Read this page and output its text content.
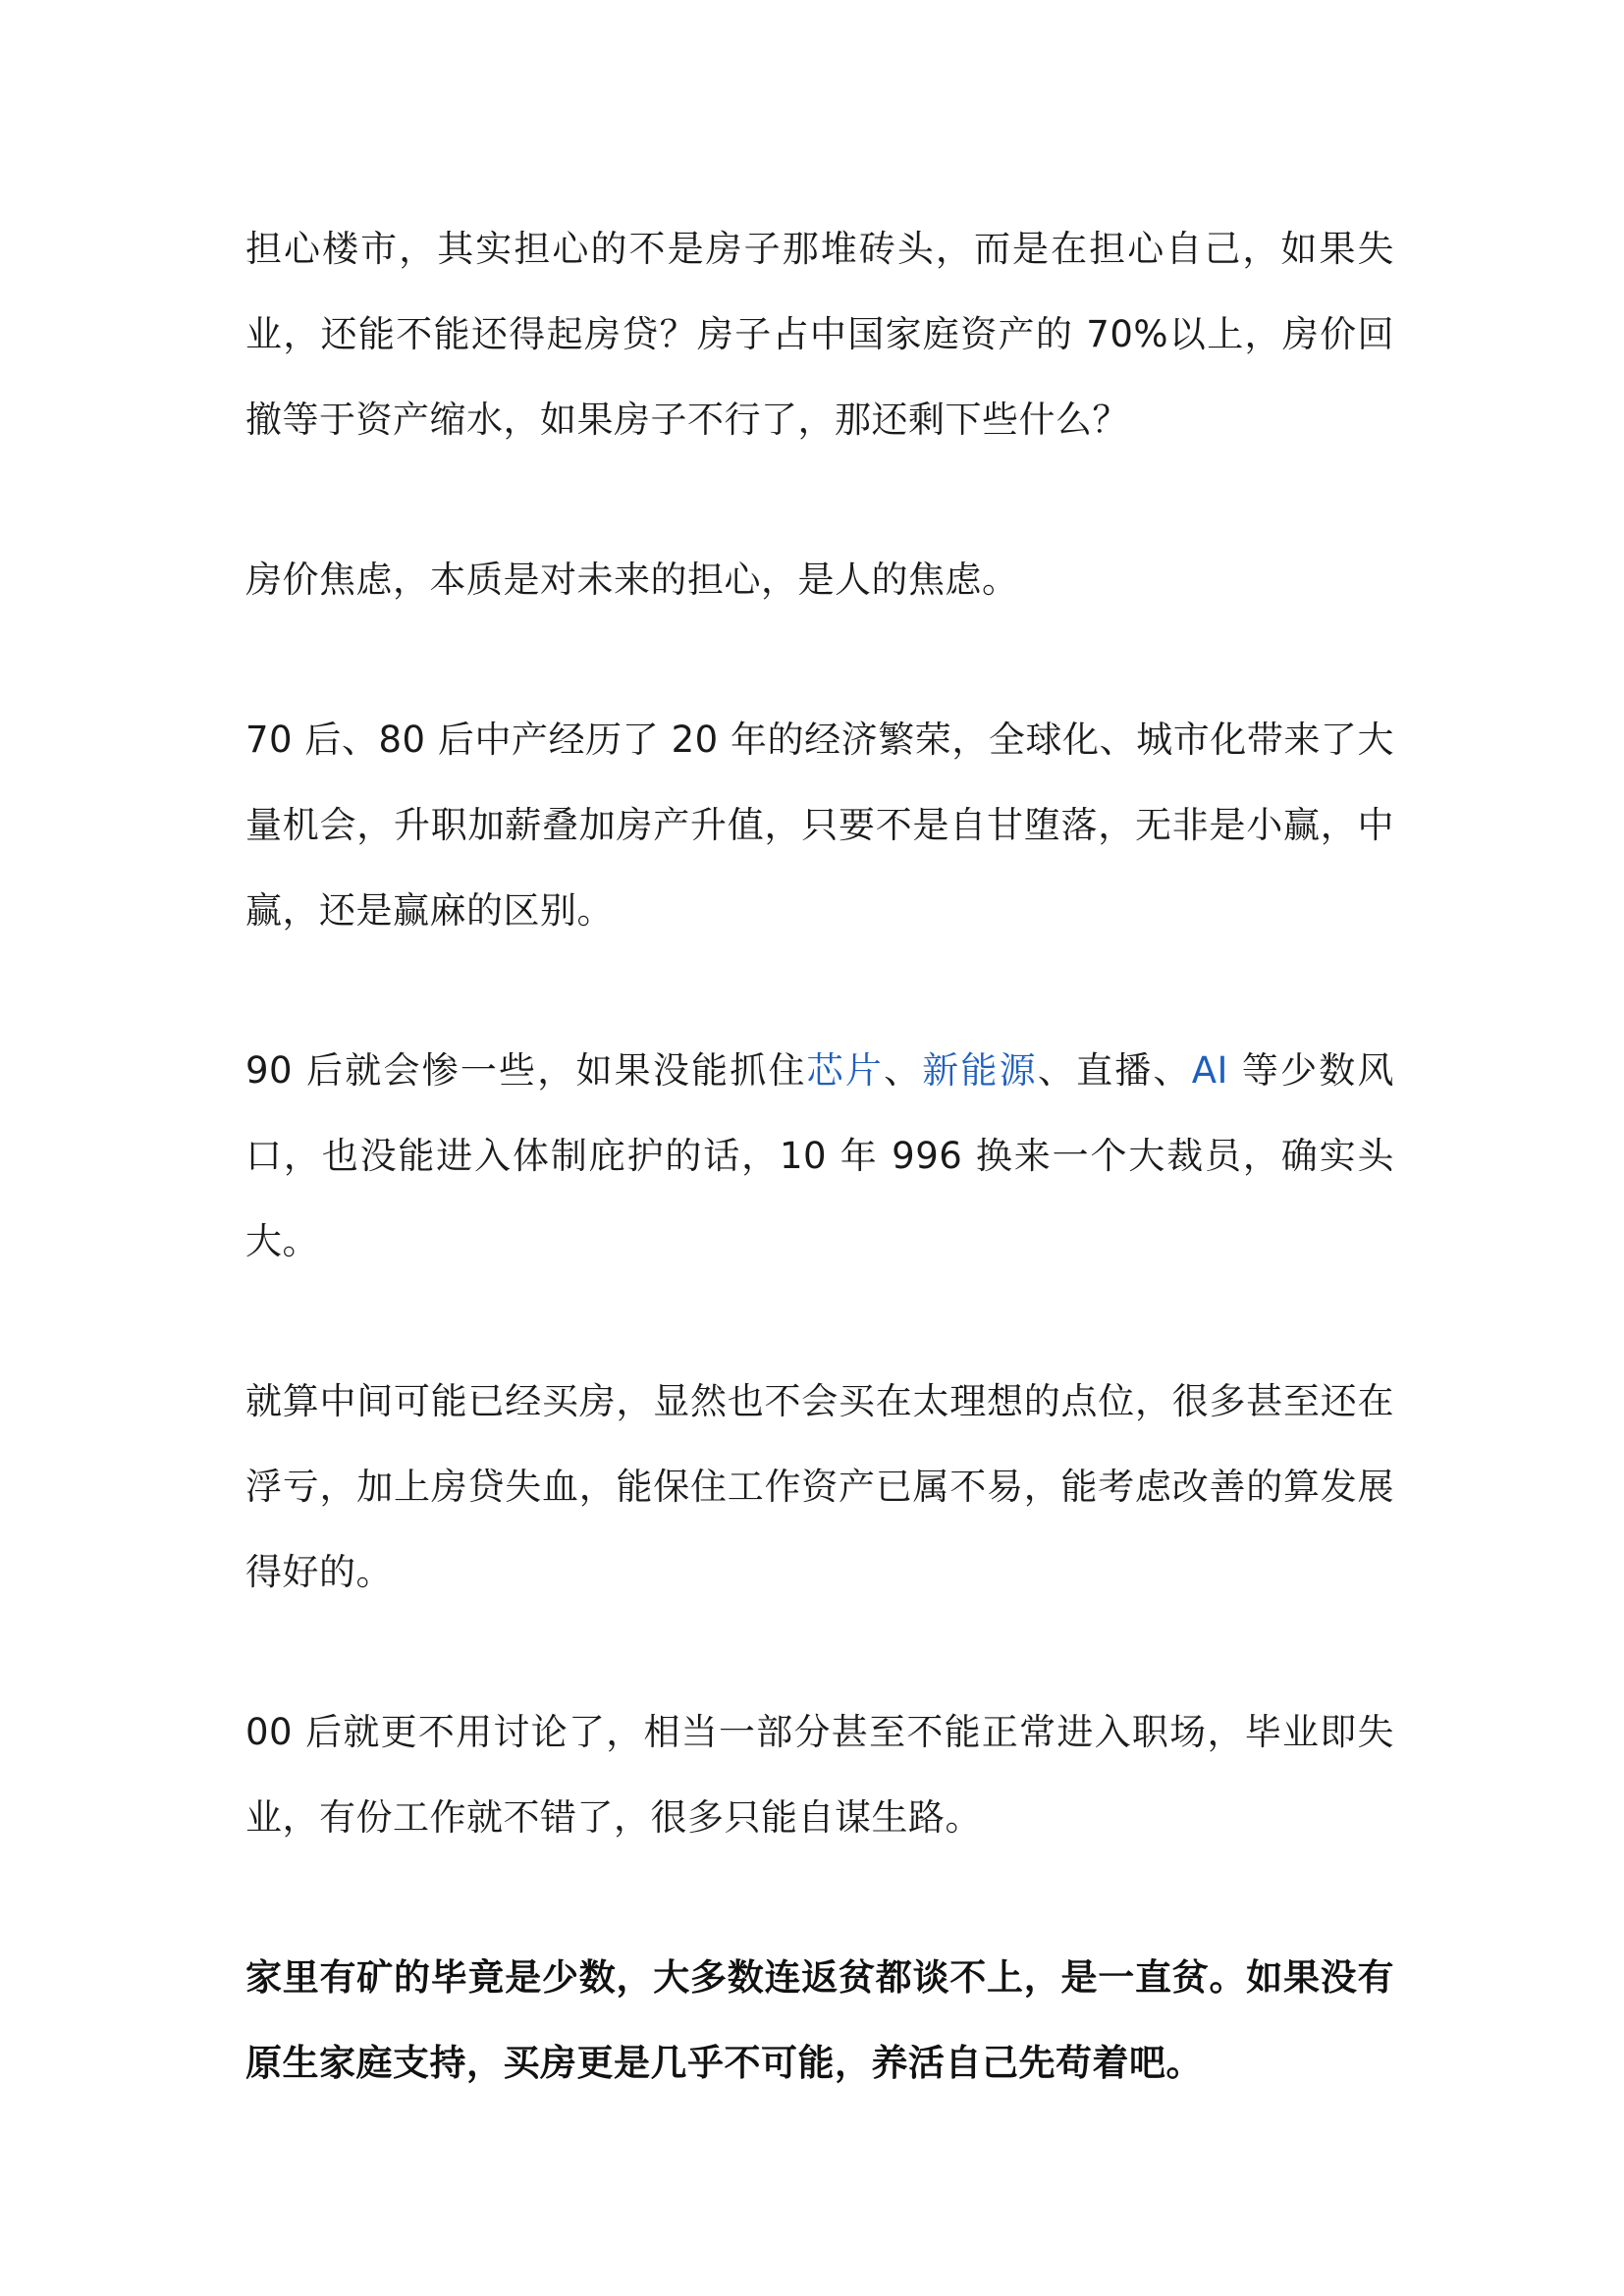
担心楼市，其实担心的不是房子那堆砖头，而是在担心自己，如果失业，还能不能还得起房贷？房子占中国家庭资产的 70%以上，房价回撤等于资产缩水，如果房子不行了，那还剩下些什么？

房价焦虑，本质是对未来的担心，是人的焦虑。

70 后、80 后中产经历了 20 年的经济繁荣，全球化、城市化带来了大量机会，升职加薪叠加房产升值，只要不是自甘堕落，无非是小赢，中赢，还是赢麻的区别。

90 后就会惨一些，如果没能抓住芯片、新能源、直播、AI 等少数风口，也没能进入体制庇护的话，10 年 996 换来一个大裁员，确实头大。

就算中间可能已经买房，显然也不会买在太理想的点位，很多甚至还在浮亏，加上房贷失血，能保住工作资产已属不易，能考虑改善的算发展得好的。

00 后就更不用讨论了，相当一部分甚至不能正常进入职场，毕业即失业，有份工作就不错了，很多只能自谋生路。

家里有矿的毕竟是少数，大多数连返贫都谈不上，是一直贫。如果没有原生家庭支持，买房更是几乎不可能，养活自己先苟着吧。
